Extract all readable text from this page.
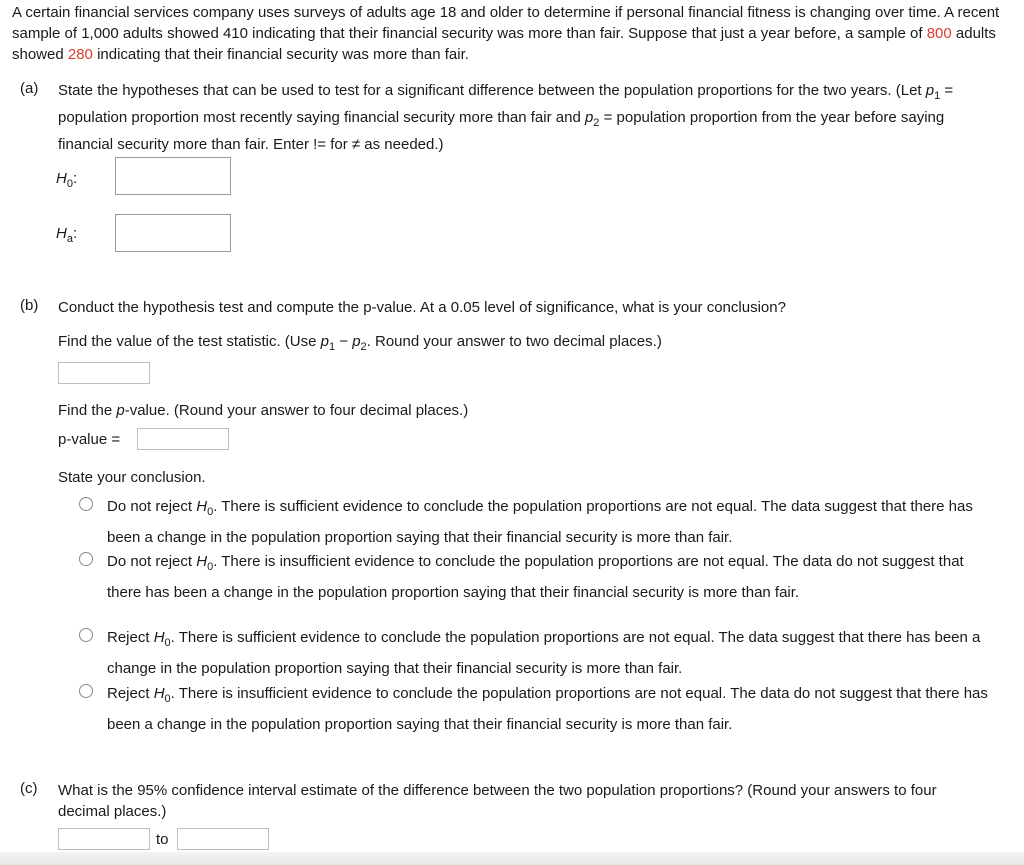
A certain financial services company uses surveys of adults age 18 and older to determine if personal financial fitness is changing over time. A recent sample of 1,000 adults showed 410 indicating that their financial security was more than fair. Suppose that just a year before, a sample of 800 adults showed 280 indicating that their financial security was more than fair.
(a) State the hypotheses that can be used to test for a significant difference between the population proportions for the two years. (Let $p_1$ = population proportion most recently saying financial security more than fair and $p_2$ = population proportion from the year before saying financial security more than fair. Enter != for ≠ as needed.)
$H_0$:
$H_a$:
(b) Conduct the hypothesis test and compute the p-value. At a 0.05 level of significance, what is your conclusion?
Find the value of the test statistic. (Use $p_1 - p_2$. Round your answer to two decimal places.)
Find the p-value. (Round your answer to four decimal places.)
p-value =
State your conclusion.
Do not reject $H_0$. There is sufficient evidence to conclude the population proportions are not equal. The data suggest that there has been a change in the population proportion saying that their financial security is more than fair.
Do not reject $H_0$. There is insufficient evidence to conclude the population proportions are not equal. The data do not suggest that there has been a change in the population proportion saying that their financial security is more than fair.
Reject $H_0$. There is sufficient evidence to conclude the population proportions are not equal. The data suggest that there has been a change in the population proportion saying that their financial security is more than fair.
Reject $H_0$. There is insufficient evidence to conclude the population proportions are not equal. The data do not suggest that there has been a change in the population proportion saying that their financial security is more than fair.
(c) What is the 95% confidence interval estimate of the difference between the two population proportions? (Round your answers to four decimal places.)
to
